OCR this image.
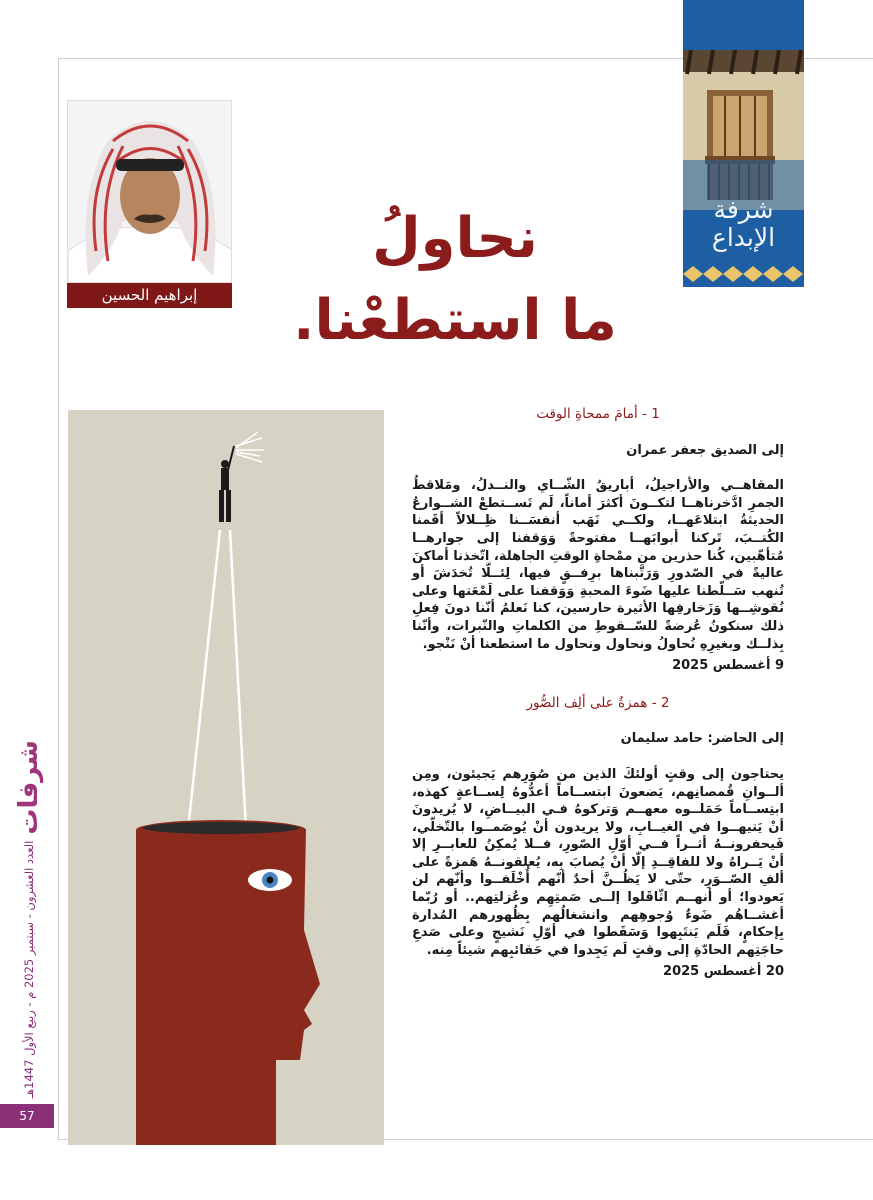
شرفة
الإبداع
إبراهيم الحسين
نحاولُ
ما استطعْنا.
1 - أمامَ ممحاةِ الوقت
إلى الصديق جعفر عمران

المقاهــي والأراجيلُ، أباريقُ الشّــاي والنــدلُ، ومَلاقطُ الجمرِ ادَّخرناهــا لتكــونَ أكثرَ أماناً، لَم تَســتطعْ الشــوارعُ الحديثةُ ابتلاعَهــا، ولكــي نَهَب أنفسَــنا ظِــلالاً أقَمنا الكُتــبَ، تَركنا أبوابَهــا مفتوحةً وَوَقفنا إلى جوارهــا مُتأهّبين، كُنا حذرين من ممْحاةِ الوقتِ الجاهلة، اتّخذنا أماكنَ عاليةً في الصّدورِ وَرَتَّبناها برِفــقٍ فيها، لِئــلّا تُخدَشَ أو تُنهب سَــلّطنا عليها ضَوءَ المحبةِ وَوَقفنا على لَمْعَتها وعلى نُقوشِــها وَزَخارفِها الأثيرة حارسين، كنا نَعلمُ أنّنا دونَ فِعلِ ذلك سنكونُ عُرضةً للسّــقوطِ من الكلماتِ والنّبرات، وأنّنا بِذلــك وبغيرِهِ نُحاولُ ونحاول ونحاول ما استطعنا أنْ نَنْجو.

9 أغسطس 2025
2 - همزةٌ على ألِف الصُّور
إلى الحاضر: حامد سليمان

يحتاجون إلى وقتٍ أولئكَ الذين من صُوَرِهم يَجيئون، ومِن ألــوانِ قُمصانِهم، يَضعونَ ابتســاماً أعدُّوهُ لِســاعةٍ كهذه، ابتِســاماً حَمَلــوه معهــم وَتركوهُ فـي البيــاضِ، لا يُريدونَ أنْ يَتيهــوا في الغيــابِ، ولا يريدون أنْ يُوصَمــوا بالتّخلّي، فَيحفرونــهُ أثــراً فــي أوّلِ الصّورِ، فــلا يُمكِنُ للعابــرِ إلا أنْ يَــراهُ ولا للفاقِــدِ إلّا أنْ يُصابَ بِه، يُعلقونــهُ هَمزةً على ألفِ الصّــوَرِ، حتّى لا يَظُــنَّ أحدٌ أنّهم أُخْلَفــوا وأنّهم لن يَعودوا؛ أو أنهــم اثّاقَلوا إلــى صَمتِهِم وعُزلتِهم.. أو رُبّما أغشــاهُم ضَوءٌ وُجوهِهم وانشغالُهم بِظُهورهم المُدارة بِإحكامٍ، فَلَم يَنتَبِهوا وَسَقَطوا في أوّلِ نَشيجٍ وعلى صَدعِ حاجَتِهم الحادّةِ إلى وقتٍ لَم يَجِدوا في حَقائبِهم شيئاً مِنه.

20 أغسطس 2025
شرفات
العدد العشرون - سبتمبر 2025 م - ربيع الأول 1447هـ
57
